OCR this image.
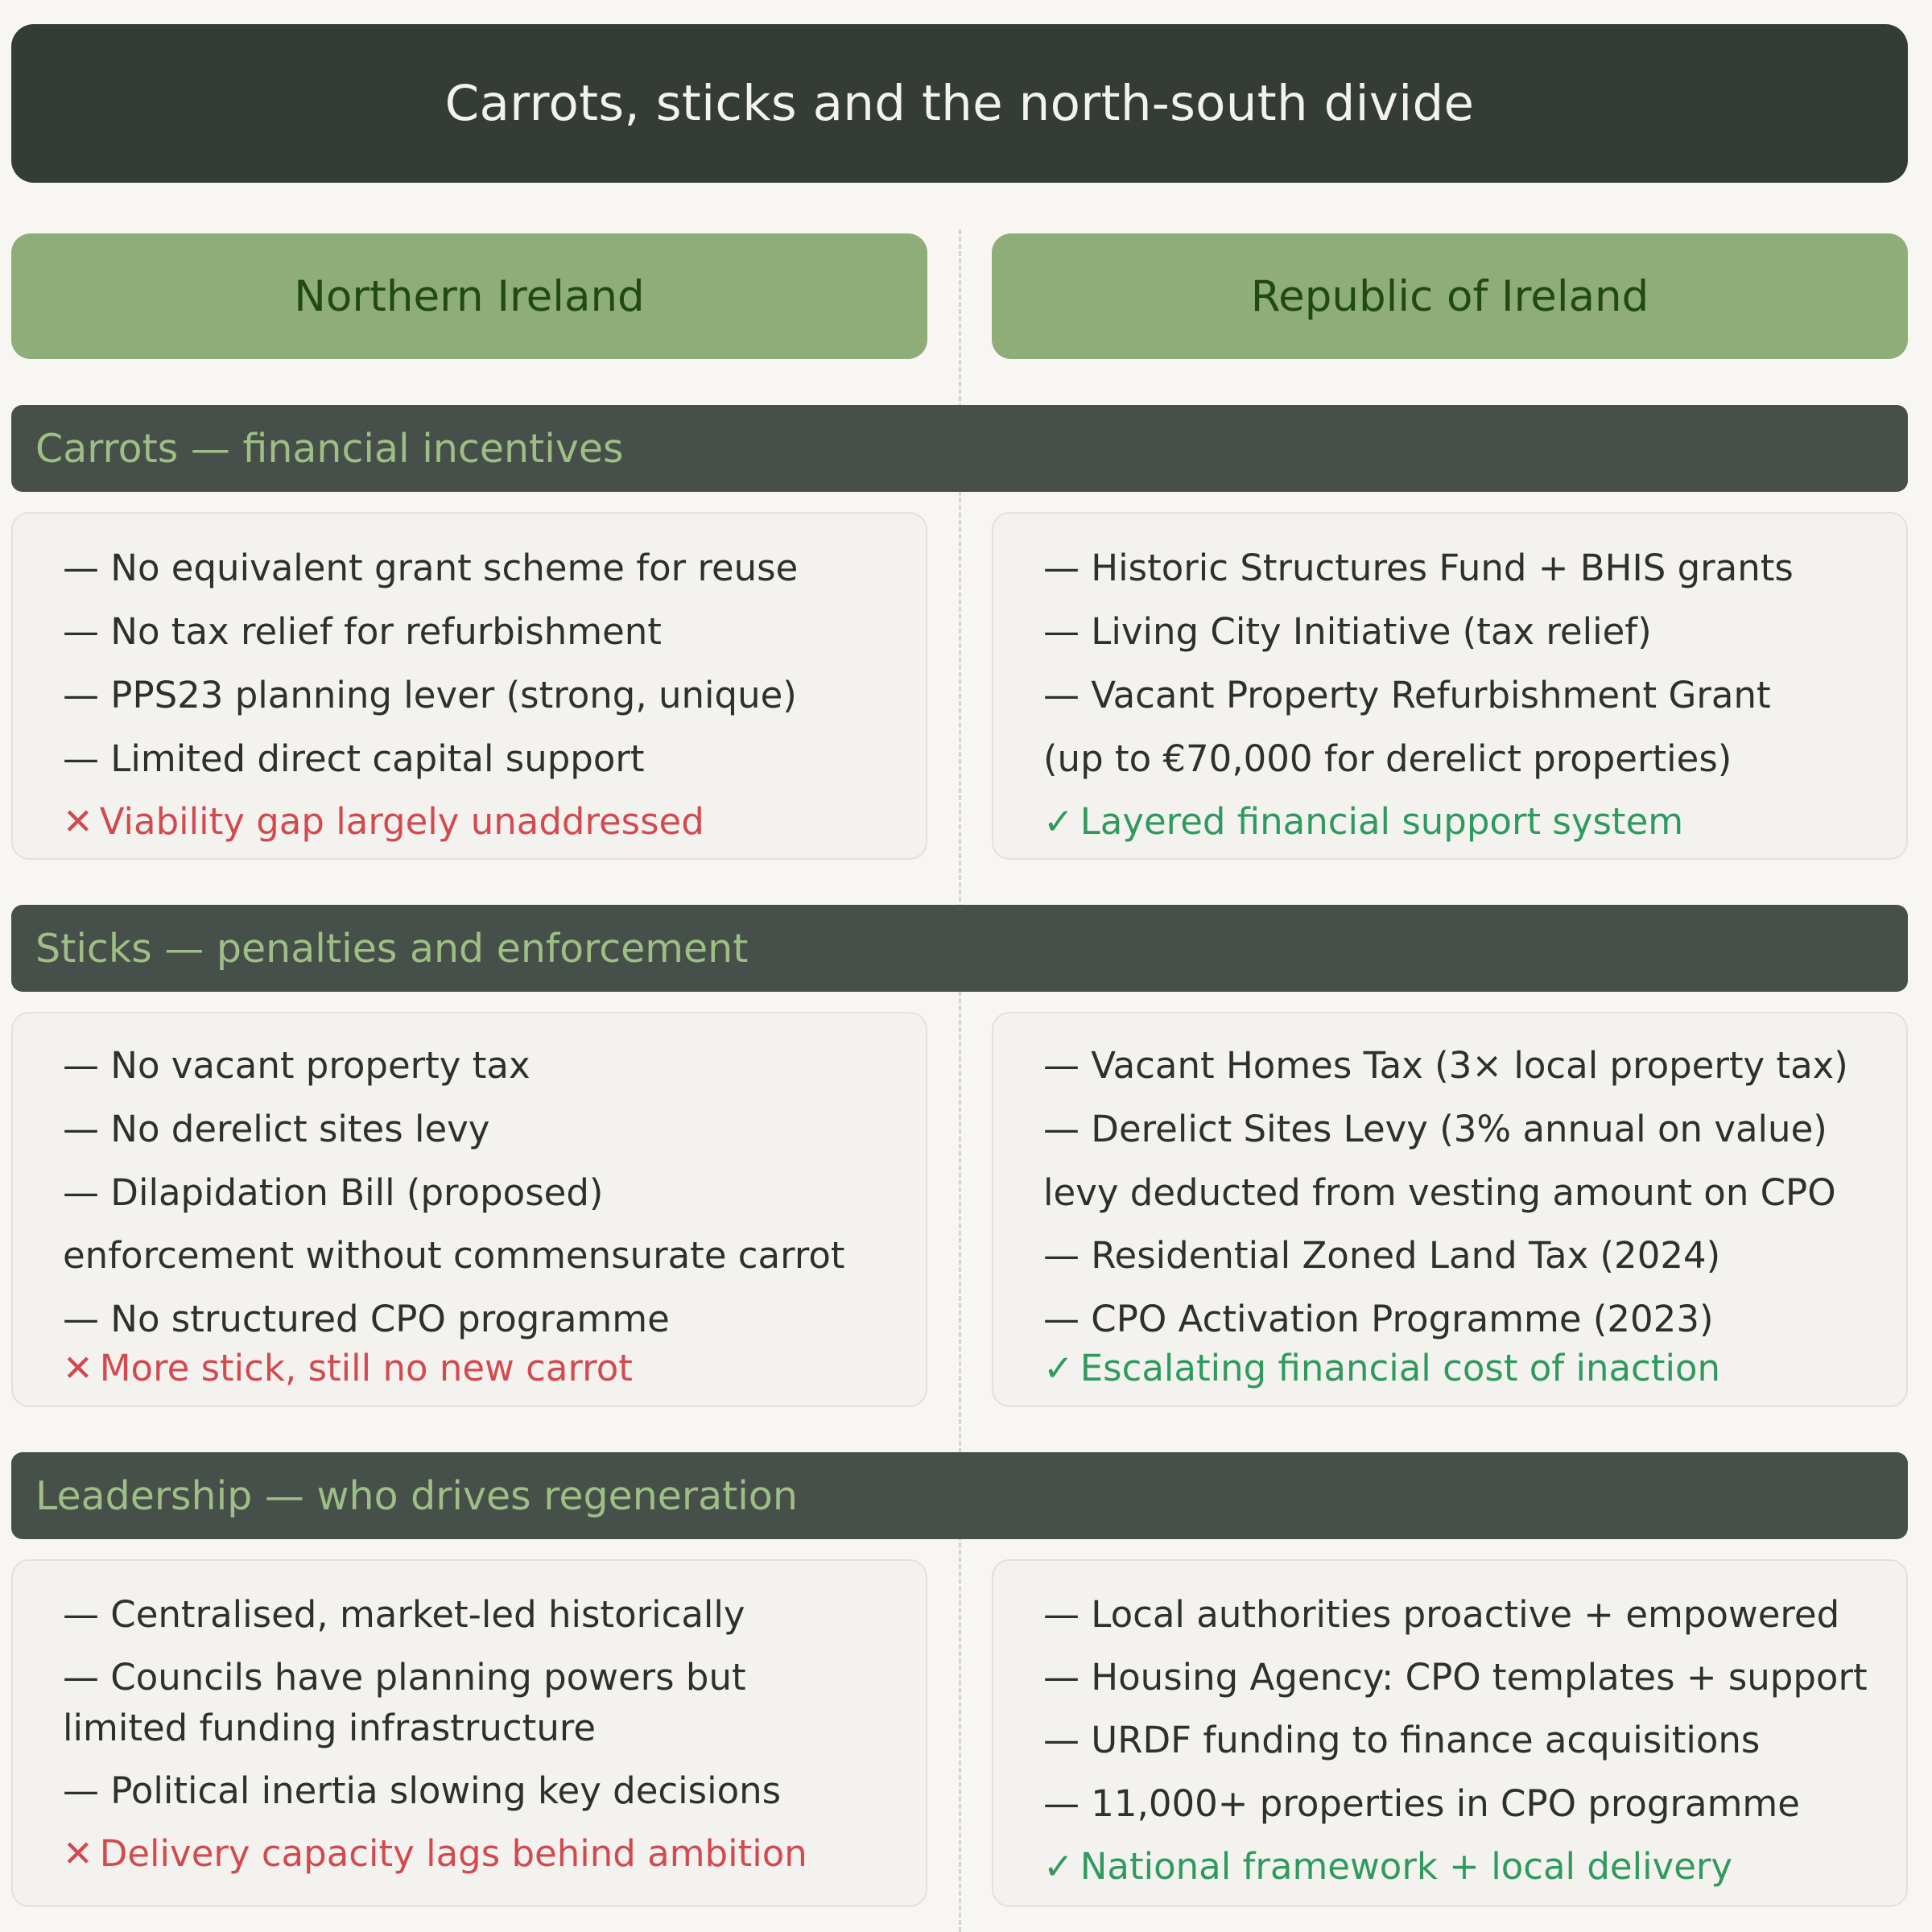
Carrots, sticks and the north-south divide
Northern Ireland	Republic of Ireland
Carrots — financial incentives
— No equivalent grant scheme for reuse
— No tax relief for refurbishment
— PPS23 planning lever (strong, unique)
— Limited direct capital support
✕ Viability gap largely unaddressed
— Historic Structures Fund + BHIS grants
— Living City Initiative (tax relief)
— Vacant Property Refurbishment Grant
(up to €70,000 for derelict properties)
✓ Layered financial support system
Sticks — penalties and enforcement
— No vacant property tax
— No derelict sites levy
— Dilapidation Bill (proposed)
enforcement without commensurate carrot
— No structured CPO programme
✕ More stick, still no new carrot
— Vacant Homes Tax (3× local property tax)
— Derelict Sites Levy (3% annual on value)
levy deducted from vesting amount on CPO
— Residential Zoned Land Tax (2024)
— CPO Activation Programme (2023)
✓ Escalating financial cost of inaction
Leadership — who drives regeneration
— Centralised, market-led historically
— Councils have planning powers but
limited funding infrastructure
— Political inertia slowing key decisions
✕ Delivery capacity lags behind ambition
— Local authorities proactive + empowered
— Housing Agency: CPO templates + support
— URDF funding to finance acquisitions
— 11,000+ properties in CPO programme
✓ National framework + local delivery
